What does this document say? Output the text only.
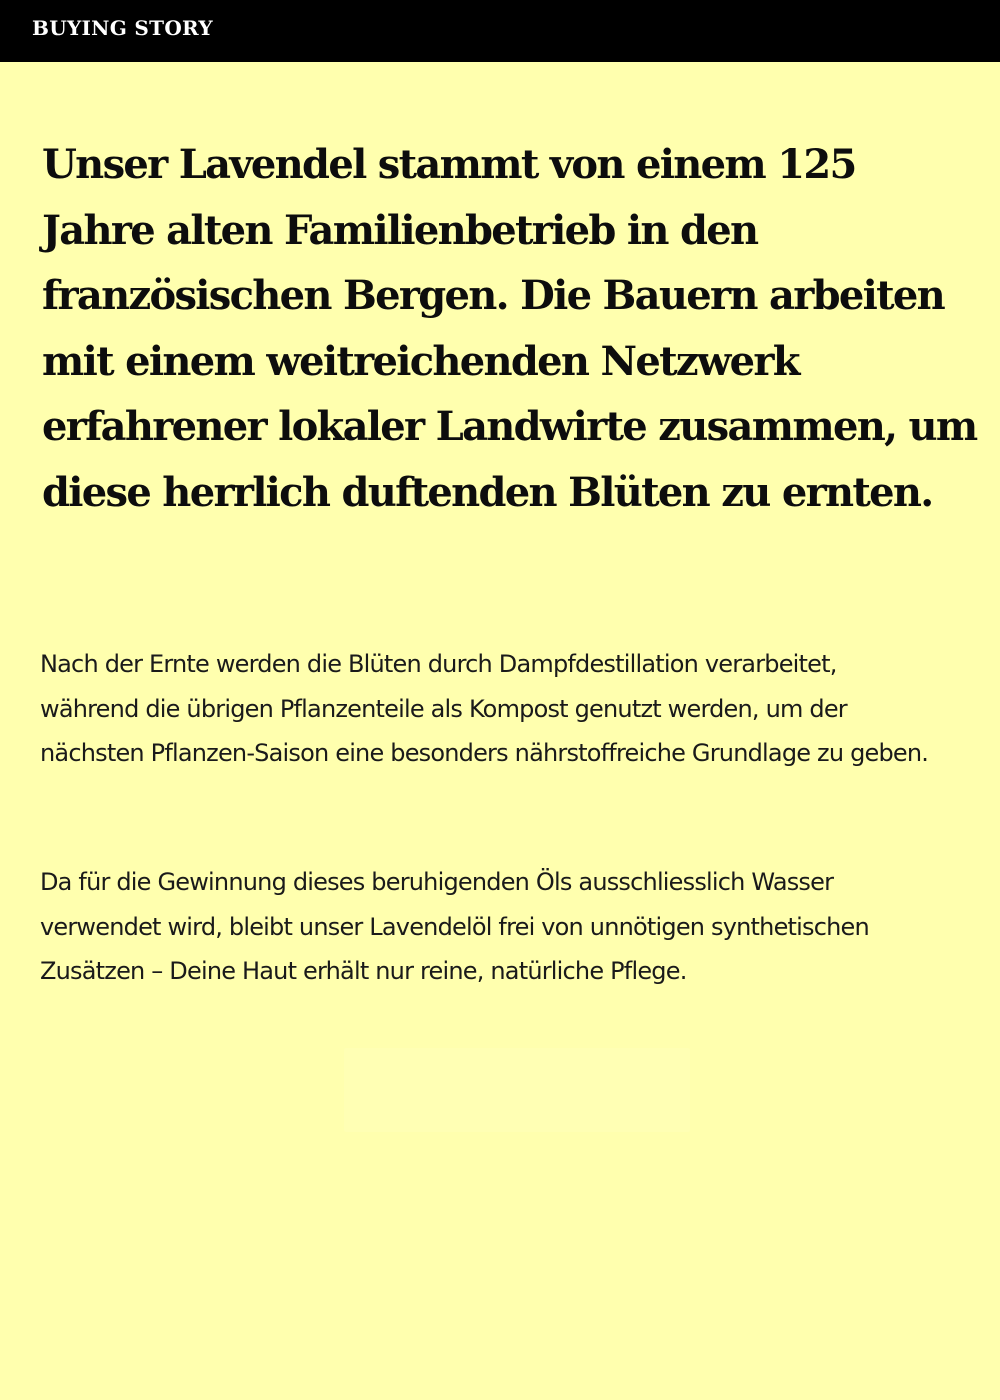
BUYING STORY
Unser Lavendel stammt von einem 125 Jahre alten Familienbetrieb in den französischen Bergen. Die Bauern arbeiten mit einem weitreichenden Netzwerk erfahrener lokaler Landwirte zusammen, um diese herrlich duftenden Blüten zu ernten.

Nach der Ernte werden die Blüten durch Dampfdestillation verarbeitet, während die übrigen Pflanzenteile als Kompost genutzt werden, um der nächsten Pflanzen-Saison eine besonders nährstoffreiche Grundlage zu geben.

Da für die Gewinnung dieses beruhigenden Öls ausschliesslich Wasser verwendet wird, bleibt unser Lavendelöl frei von unnötigen synthetischen Zusätzen – Deine Haut erhält nur reine, natürliche Pflege.
